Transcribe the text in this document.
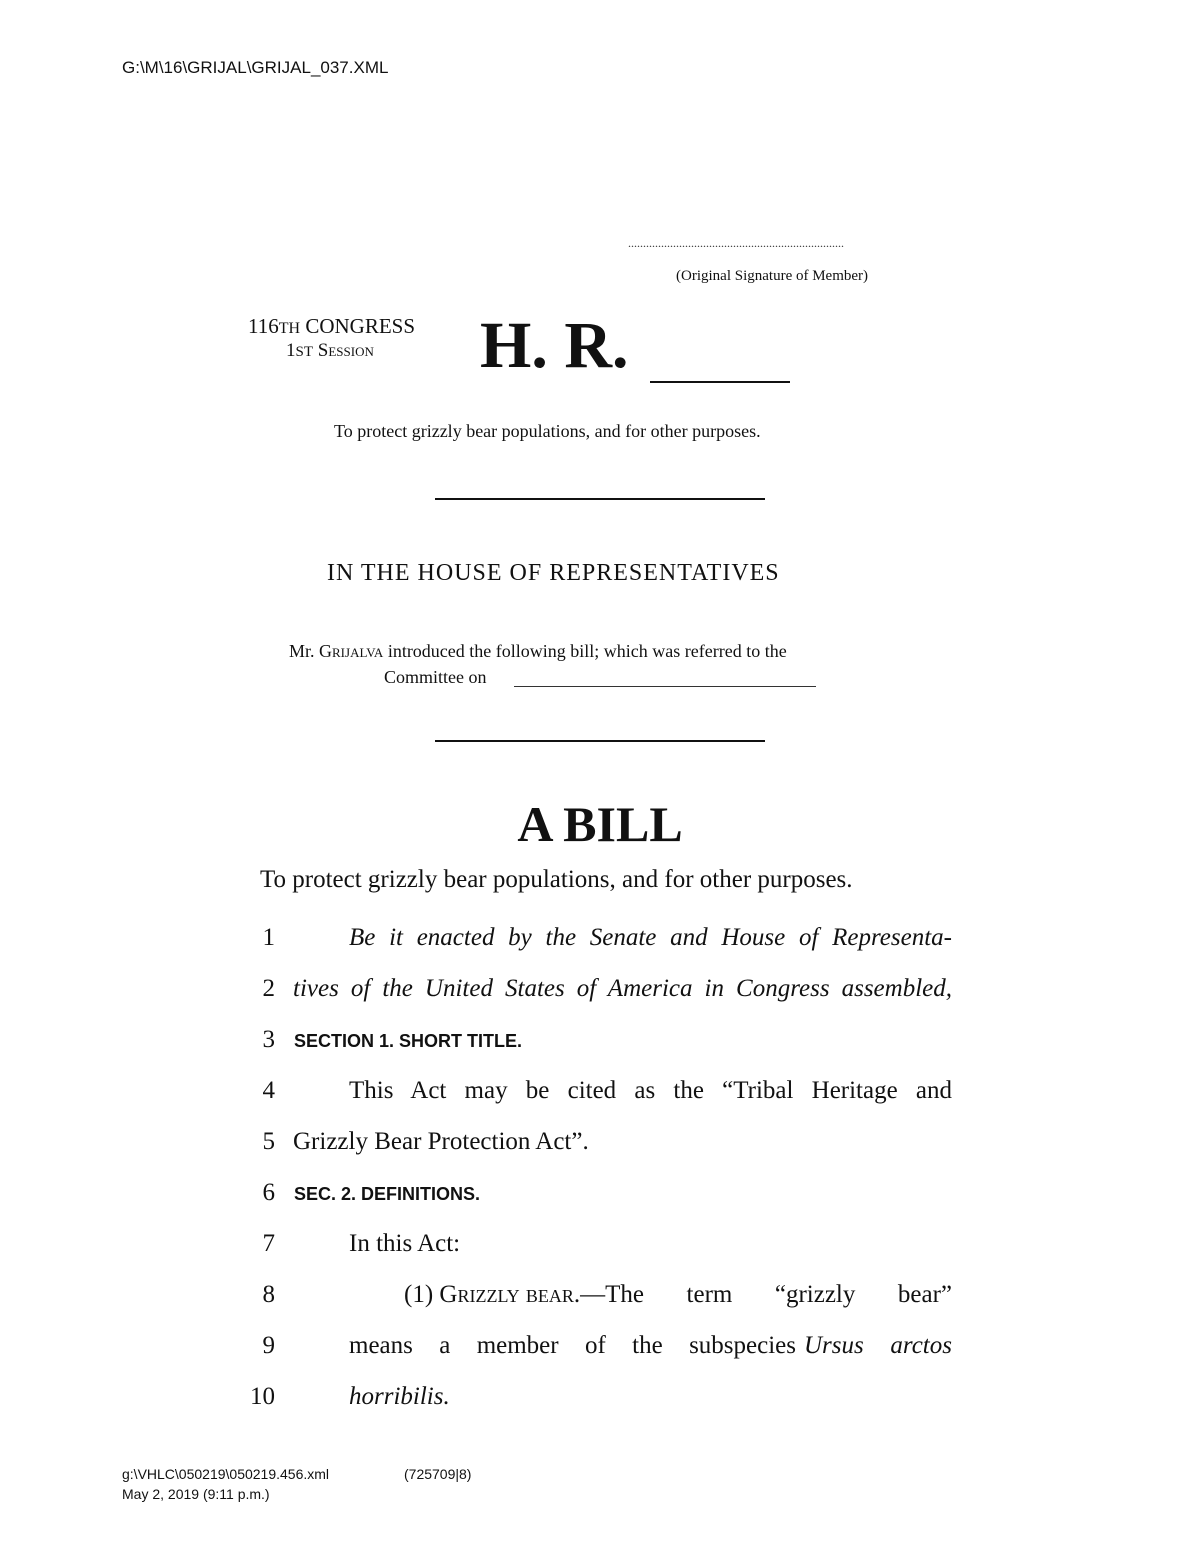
G:\M\16\GRIJAL\GRIJAL_037.XML
........................................................................
(Original Signature of Member)
116TH CONGRESS
1ST Session H. R.
To protect grizzly bear populations, and for other purposes.
IN THE HOUSE OF REPRESENTATIVES
Mr. Grijalva introduced the following bill; which was referred to the
Committee on
A BILL
To protect grizzly bear populations, and for other purposes.
1	Be it enacted by the Senate and House of Representa-
2 tives of the United States of America in Congress assembled,
3 SECTION 1. SHORT TITLE.
4	This Act may be cited as the “Tribal Heritage and
5 Grizzly Bear Protection Act”.
6 SEC. 2. DEFINITIONS.
7	In this Act:
8	(1) Grizzly bear .—The term “grizzly bear”
9	means a member of the subspecies Ursus arctos
10	horribilis.
g:\VHLC\050219\050219.456.xml	(725709|8)
May 2, 2019 (9:11 p.m.)
